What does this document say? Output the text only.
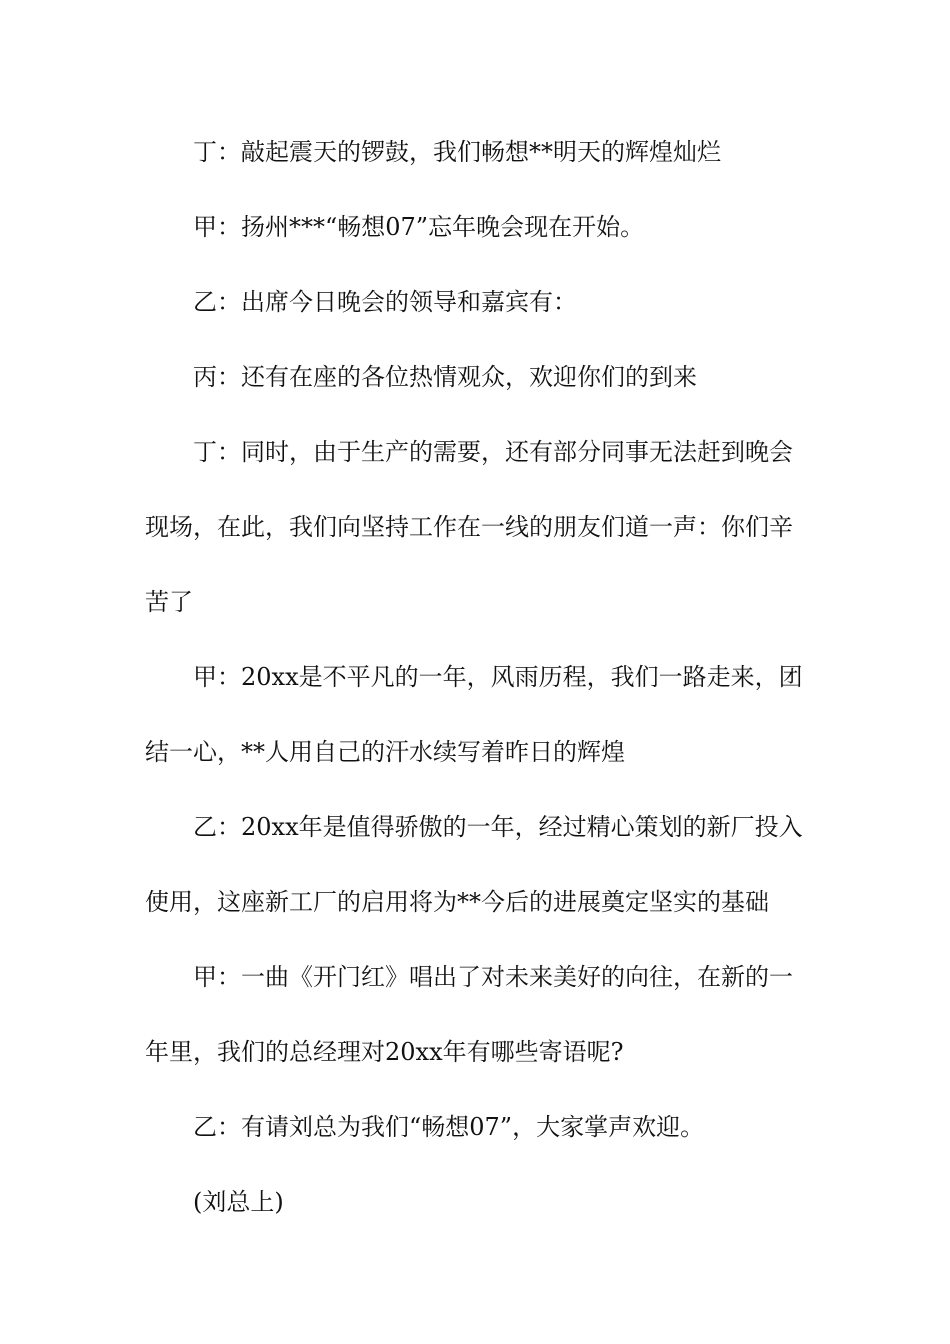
丁：敲起震天的锣鼓，我们畅想**明天的辉煌灿烂

甲：扬州***“畅想07”忘年晚会现在开始。

乙：出席今日晚会的领导和嘉宾有：

丙：还有在座的各位热情观众，欢迎你们的到来

丁：同时，由于生产的需要，还有部分同事无法赶到晚会现场，在此，我们向坚持工作在一线的朋友们道一声：你们辛苦了

甲：20xx是不平凡的一年，风雨历程，我们一路走来，团结一心，**人用自己的汗水续写着昨日的辉煌

乙：20xx年是值得骄傲的一年，经过精心策划的新厂投入使用，这座新工厂的启用将为**今后的进展奠定坚实的基础

甲：一曲《开门红》唱出了对未来美好的向往，在新的一年里，我们的总经理对20xx年有哪些寄语呢?

乙：有请刘总为我们“畅想07”，大家掌声欢迎。

(刘总上)
